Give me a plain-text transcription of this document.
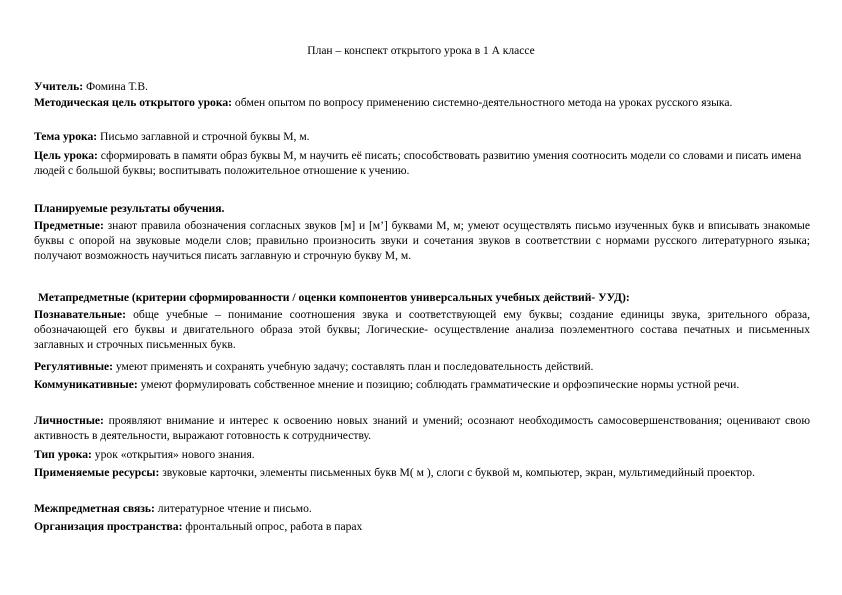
План – конспект открытого урока в 1 А классе
Учитель: Фомина Т.В.
Методическая цель открытого урока: обмен опытом по вопросу применению системно-деятельностного метода на уроках русского языка.
Тема урока: Письмо заглавной и строчной буквы М, м.
Цель урока: сформировать в памяти образ буквы М, м научить её писать; способствовать развитию умения соотносить модели со словами и писать имена людей с большой буквы; воспитывать положительное отношение к учению.
Планируемые результаты обучения.
Предметные: знают правила обозначения согласных звуков [м] и [м’] буквами М, м; умеют осуществлять письмо изученных букв и вписывать знакомые буквы с опорой на звуковые модели слов; правильно произносить звуки и сочетания звуков в соответствии с нормами русского литературного языка; получают возможность научиться писать заглавную и строчную букву М, м.
Метапредметные (критерии сформированности / оценки компонентов универсальных учебных действий- УУД):
Познавательные: обще учебные – понимание соотношения звука и соответствующей ему буквы; создание единицы звука, зрительного образа, обозначающей его буквы и двигательного образа этой буквы; Логические- осуществление анализа поэлементного состава печатных и письменных заглавных и строчных письменных букв.
Регулятивные: умеют применять и сохранять учебную задачу; составлять план и последовательность действий.
Коммуникативные: умеют формулировать собственное мнение и позицию; соблюдать грамматические и орфоэпические нормы устной речи.
Личностные: проявляют внимание и интерес к освоению новых знаний и умений; осознают необходимость самосовершенствования; оценивают свою активность в деятельности, выражают готовность к сотрудничеству.
Тип урока: урок «открытия» нового знания.
Применяемые ресурсы: звуковые карточки, элементы письменных букв М( м ), слоги с буквой м, компьютер, экран, мультимедийный проектор.
Межпредметная связь: литературное чтение и письмо.
Организация пространства: фронтальный опрос, работа в парах
